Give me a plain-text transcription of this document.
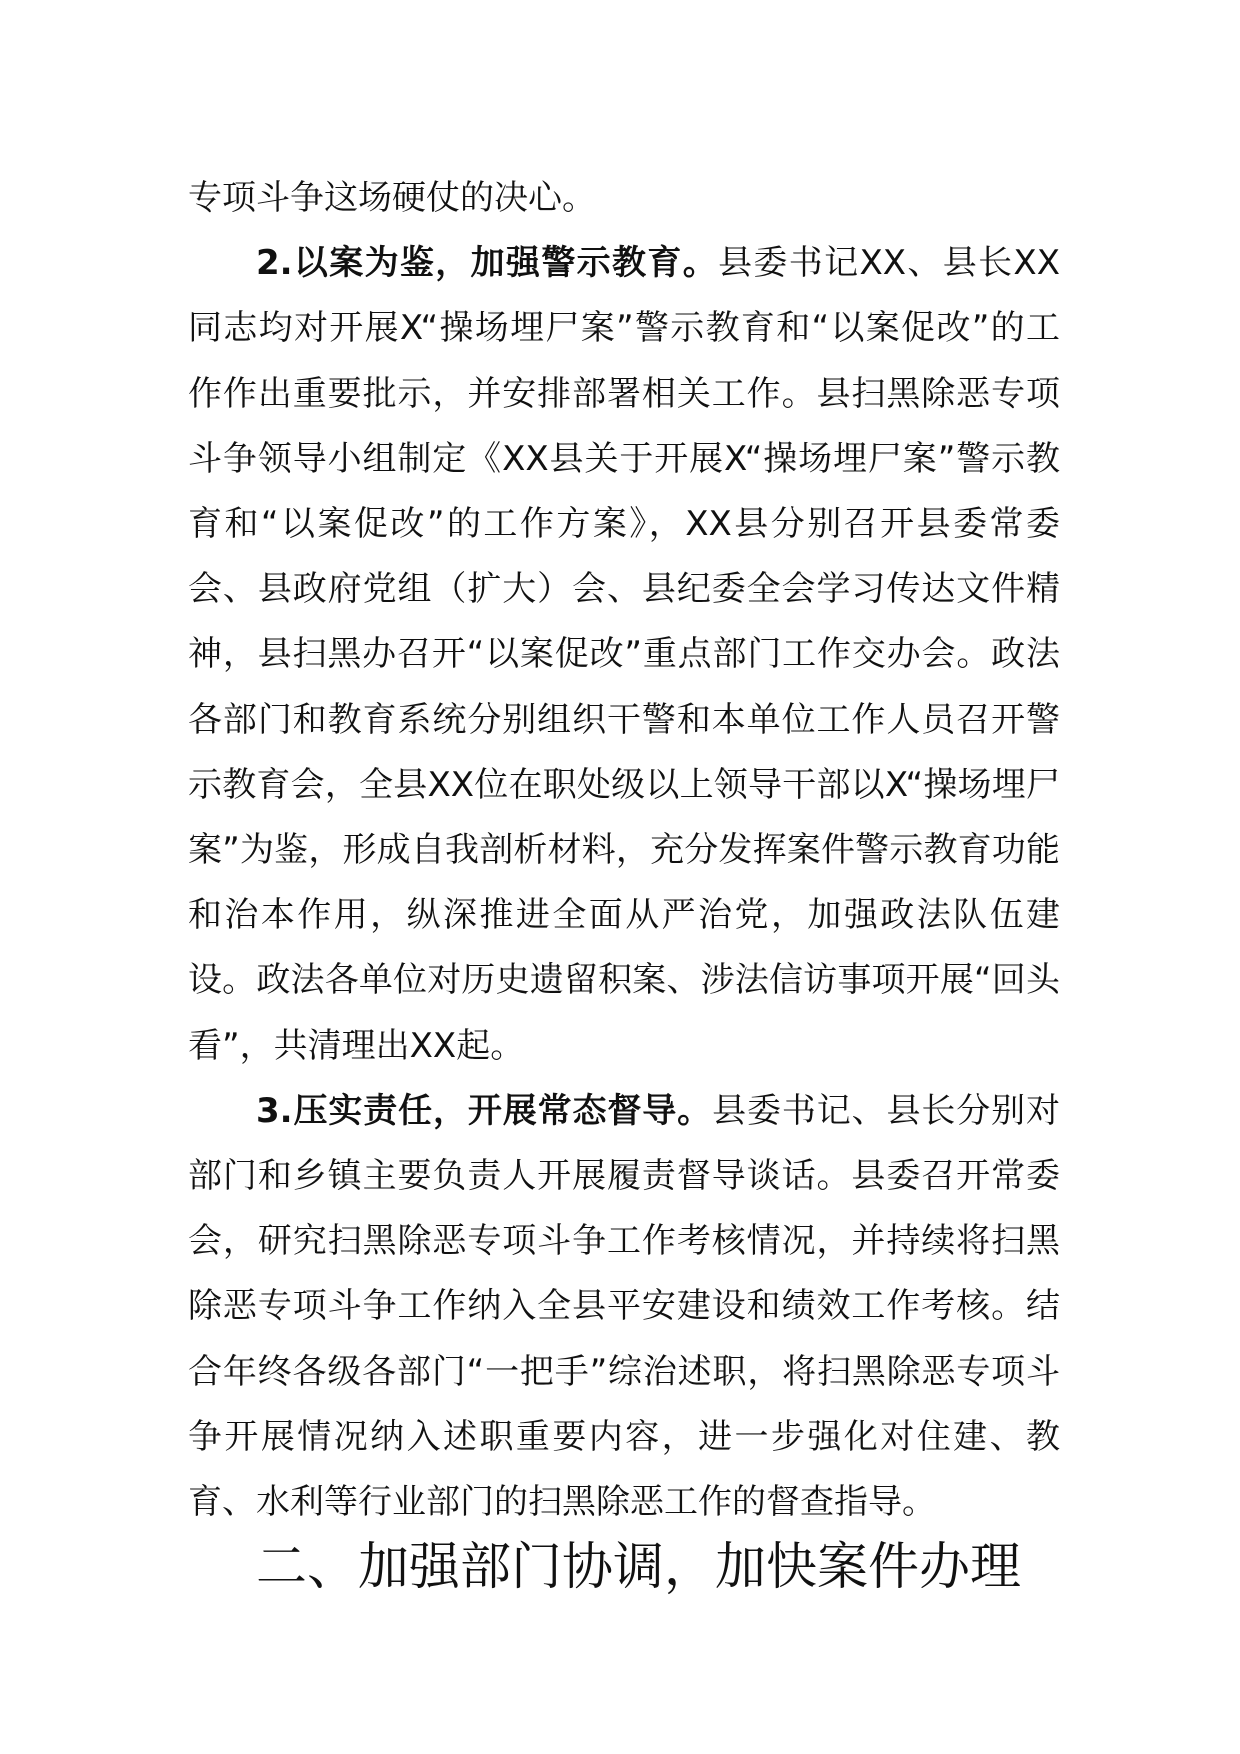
专项斗争这场硬仗的决心。

2.以案为鉴，加强警示教育。县委书记XX、县长XX同志均对开展X“操场埋尸案”警示教育和“以案促改”的工作作出重要批示，并安排部署相关工作。县扫黑除恶专项斗争领导小组制定《XX县关于开展X“操场埋尸案”警示教育和“以案促改”的工作方案》，XX县分别召开县委常委会、县政府党组（扩大）会、县纪委全会学习传达文件精神，县扫黑办召开“以案促改”重点部门工作交办会。政法各部门和教育系统分别组织干警和本单位工作人员召开警示教育会，全县XX位在职处级以上领导干部以X“操场埋尸案”为鉴，形成自我剖析材料，充分发挥案件警示教育功能和治本作用，纵深推进全面从严治党，加强政法队伍建设。政法各单位对历史遗留积案、涉法信访事项开展“回头看”，共清理出XX起。

3.压实责任，开展常态督导。县委书记、县长分别对部门和乡镇主要负责人开展履责督导谈话。县委召开常委会，研究扫黑除恶专项斗争工作考核情况，并持续将扫黑除恶专项斗争工作纳入全县平安建设和绩效工作考核。结合年终各级各部门“一把手”综治述职，将扫黑除恶专项斗争开展情况纳入述职重要内容，进一步强化对住建、教育、水利等行业部门的扫黑除恶工作的督查指导。

二、加强部门协调，加快案件办理
